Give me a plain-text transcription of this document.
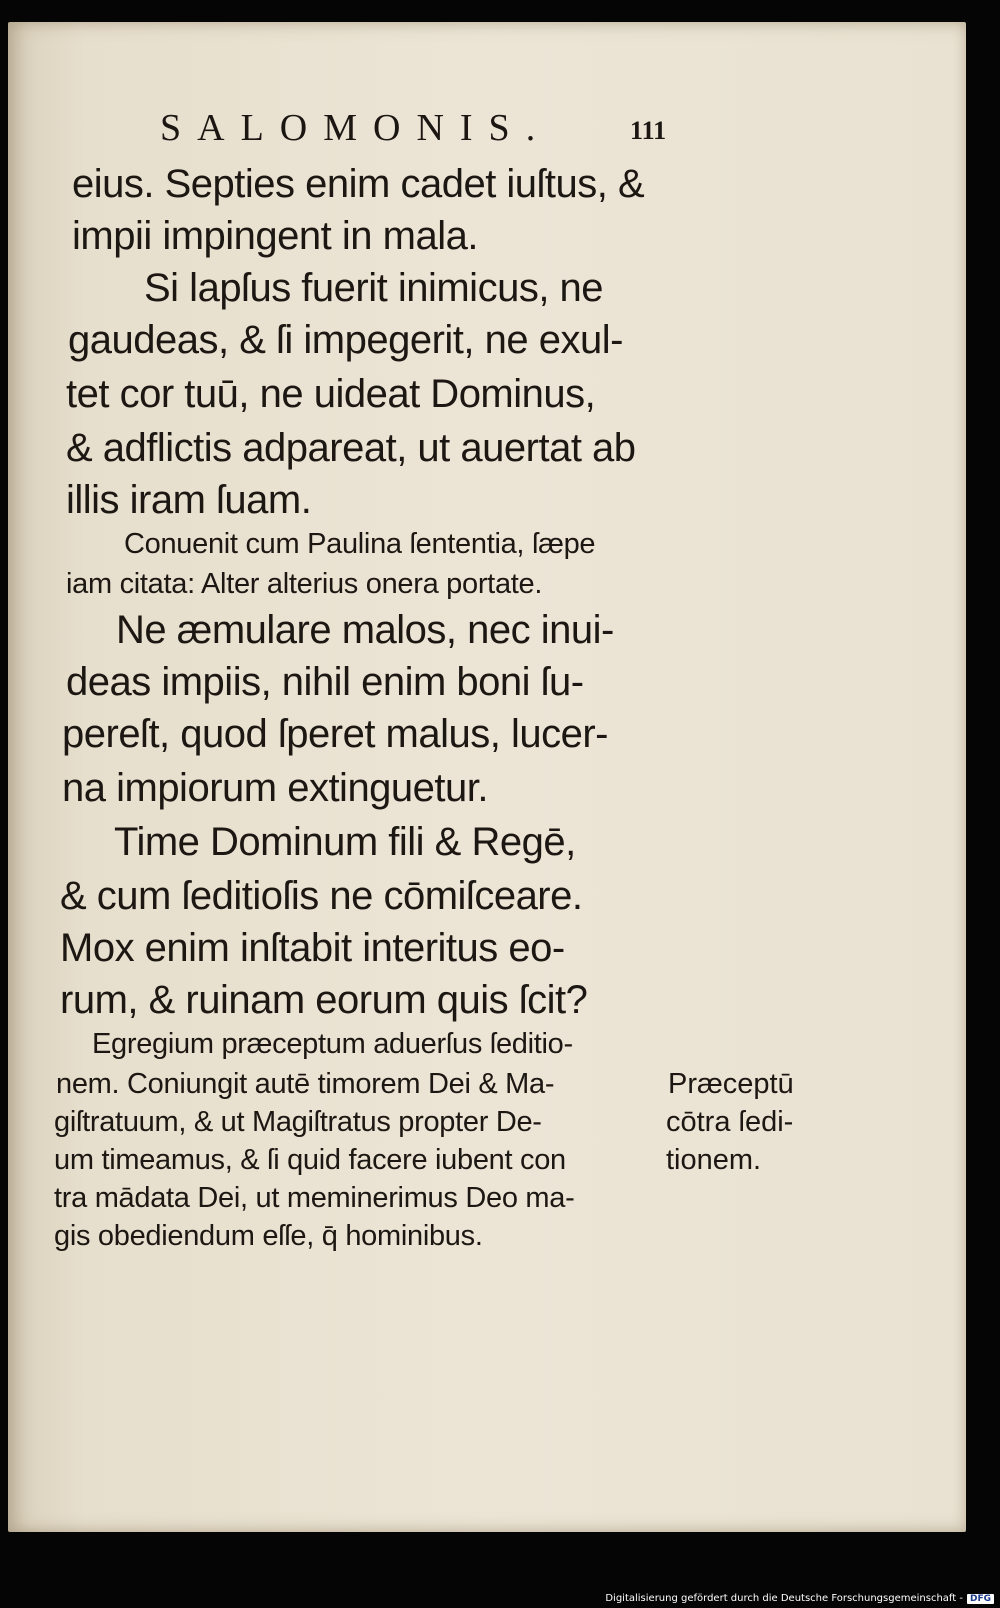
SALOMONIS.	111
eius. Septies enim cadet iuſtus, &
impii impingent in mala.
Si lapſus fuerit inimicus, ne
gaudeas, & ſi impegerit, ne exul-
tet cor tuū, ne uideat Dominus,
& adflictis adpareat, ut auertat ab
illis iram ſuam.
Conuenit cum Paulina ſententia, ſæpe
iam citata: Alter alterius onera portate.
Ne æmulare malos, nec inui-
deas impiis, nihil enim boni ſu-
pereſt, quod ſperet malus, lucer-
na impiorum extinguetur.
Time Dominum fili & Regē,
& cum ſeditioſis ne cōmiſceare.
Mox enim inſtabit interitus eo-
rum, & ruinam eorum quis ſcit?
Egregium præceptum aduerſus ſeditio-
nem. Coniungit autē timorem Dei & Ma-
giſtratuum, & ut Magiſtratus propter De-
um timeamus, & ſi quid facere iubent con
tra mādata Dei, ut meminerimus Deo ma-
gis obediendum eſſe, q̄ hominibus.
Præceptū
cōtra ſedi-
tionem.
Digitalisierung gefördert durch die Deutsche Forschungsgemeinschaft - DFG
